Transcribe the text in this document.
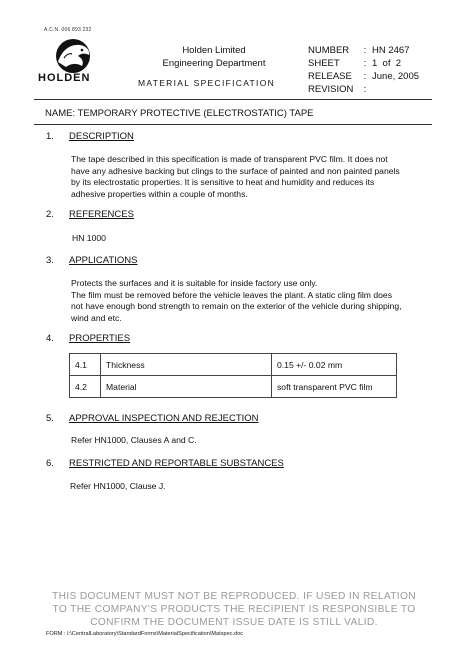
A.C.N. 006 893 232
HOLDEN
Holden Limited
Engineering Department
MATERIAL SPECIFICATION
NUMBER	: HN 2467
SHEET	: 1  of  2
RELEASE	: June, 2005
REVISION	:
NAME: TEMPORARY PROTECTIVE (ELECTROSTATIC) TAPE
1. DESCRIPTION
The tape described in this specification is made of transparent PVC film. It does not
have any adhesive backing but clings to the surface of painted and non painted panels
by its electrostatic properties. It is sensitive to heat and humidity and reduces its
adhesive properties within a couple of months.
2. REFERENCES
HN 1000
3. APPLICATIONS
Protects the surfaces and it is suitable for inside factory use only.
The film must be removed before the vehicle leaves the plant. A static cling film does
not have enough bond strength to remain on the exterior of the vehicle during shipping,
wind and etc.
4. PROPERTIES
4.1	Thickness	0.15 +/- 0.02 mm
4.2	Material	soft transparent PVC film
5. APPROVAL INSPECTION AND REJECTION
Refer HN1000, Clauses A and C.
6. RESTRICTED AND REPORTABLE SUBSTANCES
Refer HN1000, Clause J.
THIS DOCUMENT MUST NOT BE REPRODUCED. IF USED IN RELATION
TO THE COMPANY'S PRODUCTS THE RECIPIENT IS RESPONSIBLE TO
CONFIRM THE DOCUMENT ISSUE DATE IS STILL VALID.
FORM : I:\CentralLaboratory\StandardForms\MaterialSpecification\Matspec.doc
